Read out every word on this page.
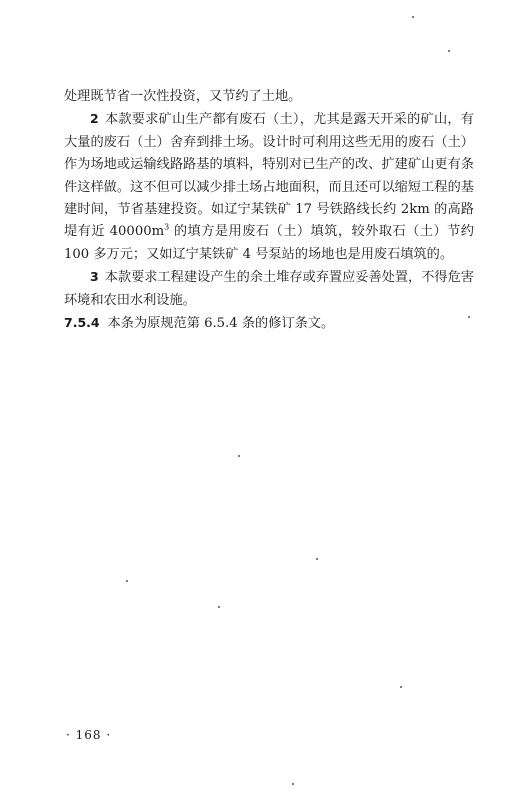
处理既节省一次性投资，又节约了土地。

2 本款要求矿山生产都有废石（土），尤其是露天开采的矿山，有大量的废石（土）舍弃到排土场。设计时可利用这些无用的废石（土）作为场地或运输线路路基的填料，特别对已生产的改、扩建矿山更有条件这样做。这不但可以减少排土场占地面积，而且还可以缩短工程的基建时间，节省基建投资。如辽宁某铁矿 17 号铁路线长约 2km 的高路堤有近 $40000m^3$ 的填方是用废石（土）填筑，较外取石（土）节约 100 多万元；又如辽宁某铁矿 4 号泵站的场地也是用废石填筑的。

3 本款要求工程建设产生的余土堆存或弃置应妥善处置，不得危害环境和农田水利设施。

7.5.4 本条为原规范第 6.5.4 条的修订条文。

· 168 ·
